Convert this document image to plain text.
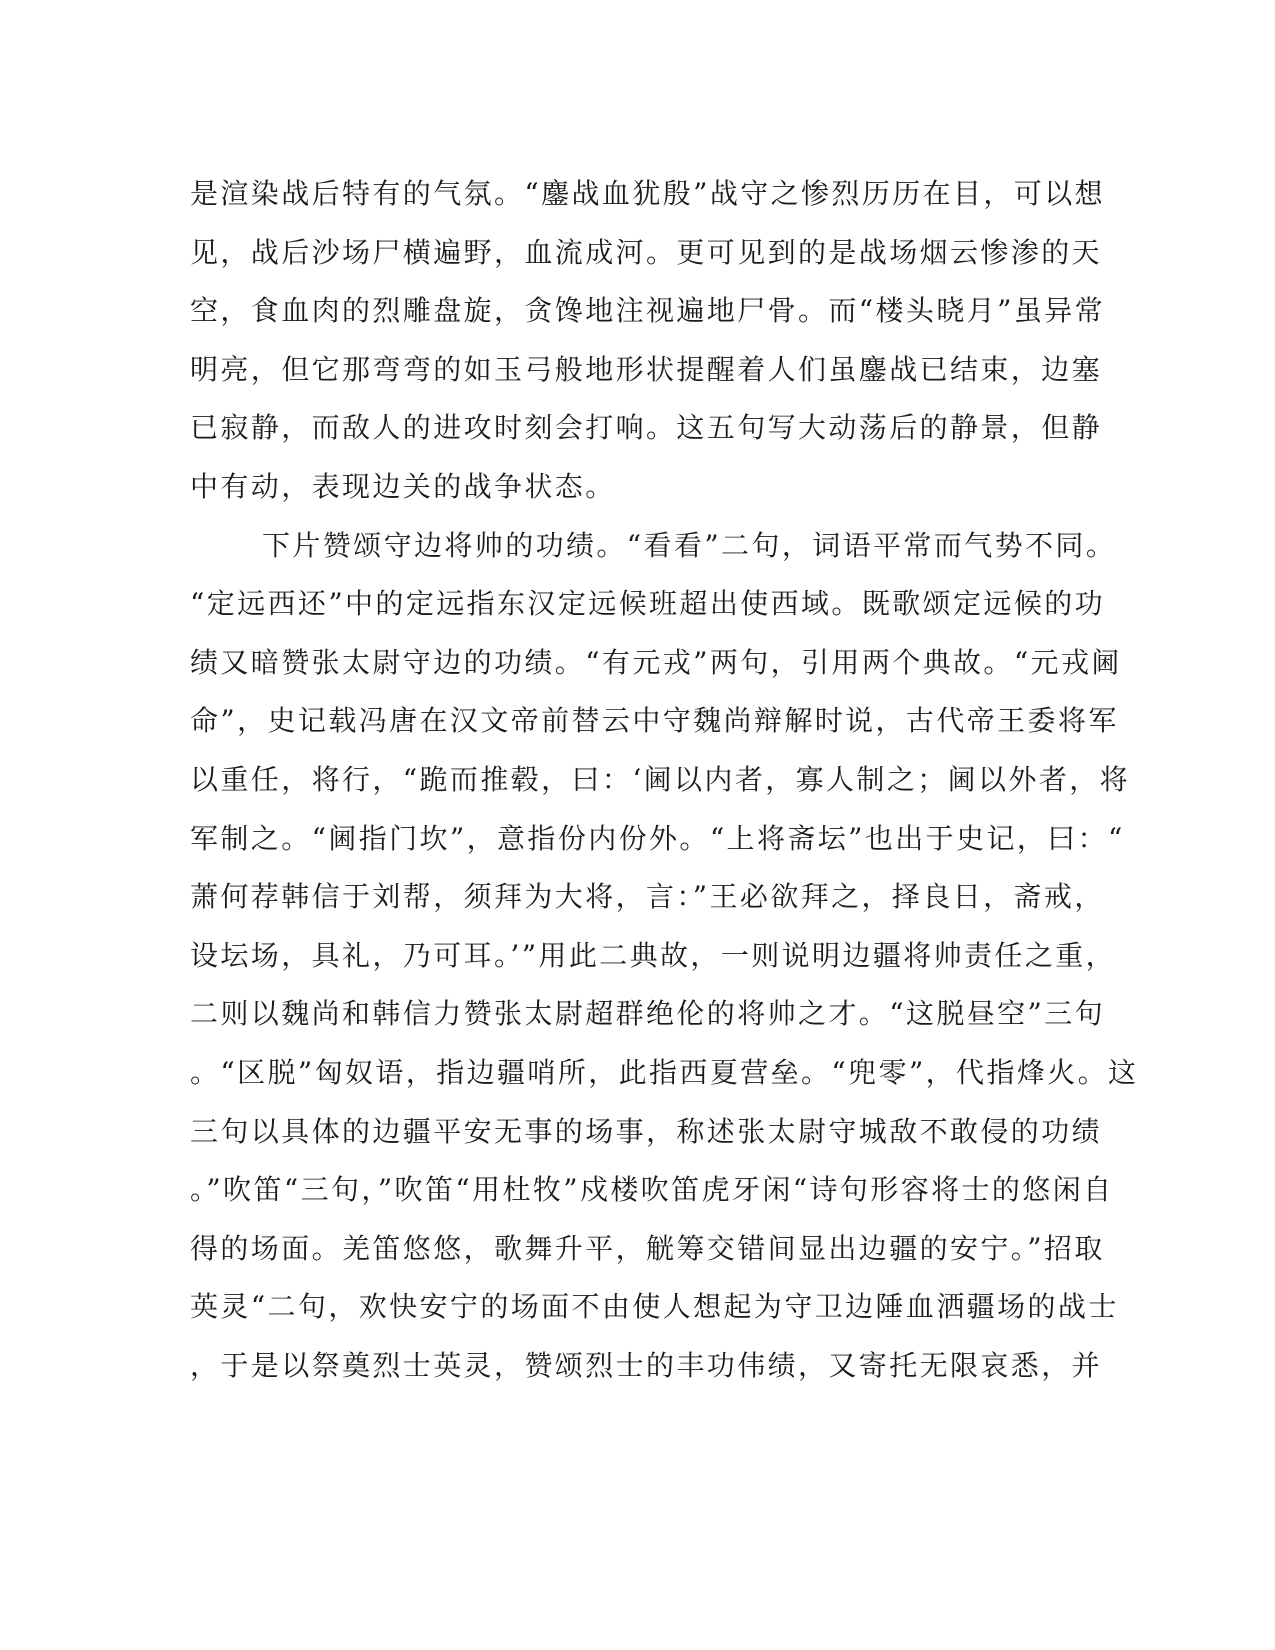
是渲染战后特有的气氛。“鏖战血犹殷”战守之惨烈历历在目，可以想
见，战后沙场尸横遍野，血流成河。更可见到的是战场烟云惨渗的天
空，食血肉的烈雕盘旋，贪馋地注视遍地尸骨。而“楼头晓月”虽异常
明亮，但它那弯弯的如玉弓般地形状提醒着人们虽鏖战已结束，边塞
已寂静，而敌人的进攻时刻会打响。这五句写大动荡后的静景，但静
中有动，表现边关的战争状态。
下片赞颂守边将帅的功绩。“看看”二句，词语平常而气势不同。
“定远西还”中的定远指东汉定远候班超出使西域。既歌颂定远候的功
绩又暗赞张太尉守边的功绩。“有元戎”两句，引用两个典故。“元戎阃
命”，史记载冯唐在汉文帝前替云中守魏尚辩解时说，古代帝王委将军
以重任，将行，“跪而推毂，曰：‘阃以内者，寡人制之；阃以外者，将
军制之。“阃指门坎”，意指份内份外。“上将斋坛”也出于史记，曰：“
萧何荐韩信于刘帮，须拜为大将，言：”王必欲拜之，择良日，斋戒，
设坛场，具礼，乃可耳。’”用此二典故，一则说明边疆将帅责任之重，
二则以魏尚和韩信力赞张太尉超群绝伦的将帅之才。“这脱昼空”三句
。“区脱”匈奴语，指边疆哨所，此指西夏营垒。“兜零”，代指烽火。这
三句以具体的边疆平安无事的场事，称述张太尉守城敌不敢侵的功绩
。”吹笛“三句，”吹笛“用杜牧”戍楼吹笛虎牙闲“诗句形容将士的悠闲自
得的场面。羌笛悠悠，歌舞升平，觥筹交错间显出边疆的安宁。”招取
英灵“二句，欢快安宁的场面不由使人想起为守卫边陲血洒疆场的战士
，于是以祭奠烈士英灵，赞颂烈士的丰功伟绩，又寄托无限哀悉，并
